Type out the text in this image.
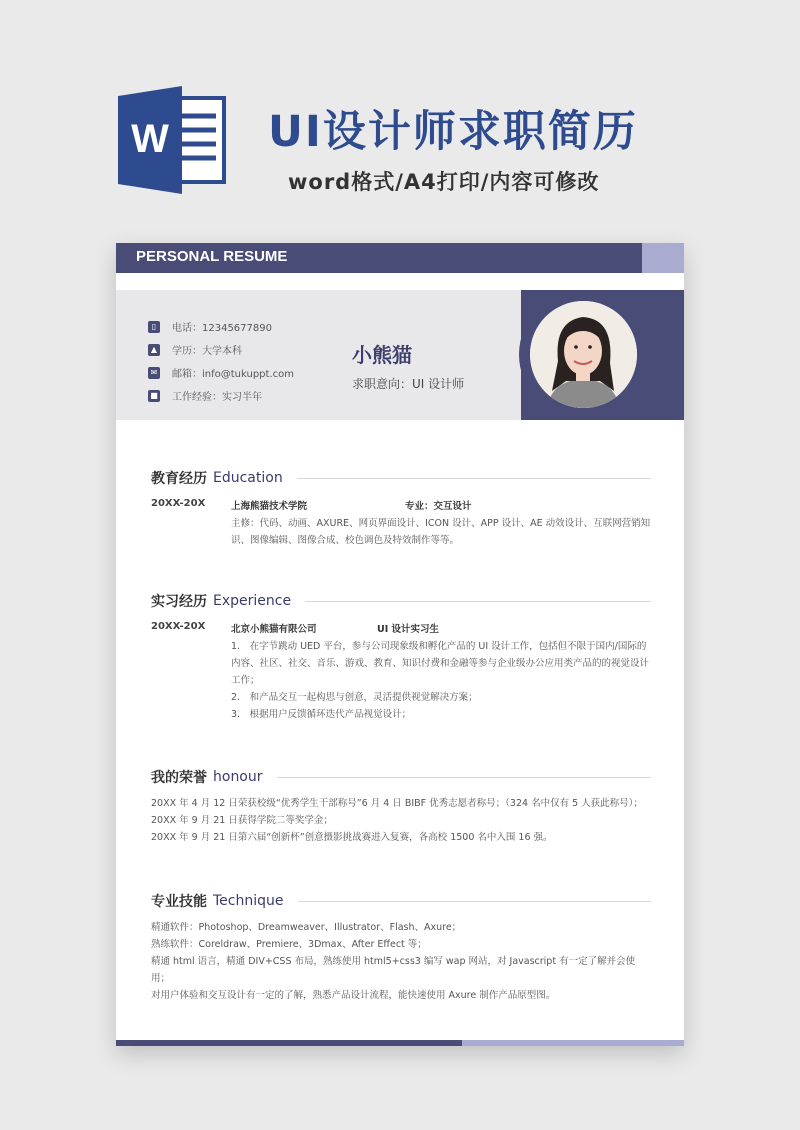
W UI设计师求职简历
word格式/A4打印/内容可修改
PERSONAL RESUME
▯	电话：12345677890
▲ 学历：大学本科
✉ 邮箱：info@tukuppt.com
■ 工作经验：实习半年
小熊猫
求职意向：UI 设计师
教育经历 Education
20XX-20X	上海熊猫技术学院	专业：交互设计
主修：代码、动画、AXURE、网页界面设计、ICON 设计、APP 设计、AE 动效设计、互联网营销知识、图像编辑、图像合成、校色调色及特效制作等等。
实习经历 Experience
20XX-20X	北京小熊猫有限公司	UI 设计实习生
1.　在字节跳动 UED 平台，参与公司现象级和孵化产品的 UI 设计工作，包括但不限于国内/国际的内容、社区、社交、音乐、游戏、教育、知识付费和金融等参与企业级办公应用类产品的的视觉设计工作；
2.　和产品交互一起构思与创意，灵活提供视觉解决方案；
3.　根据用户反馈循环迭代产品视觉设计；
我的荣誉 honour
20XX 年 4 月 12 日荣获校级“优秀学生干部称号”6 月 4 日 BIBF 优秀志愿者称号；（324 名中仅有 5 人获此称号）；
20XX 年 9 月 21 日获得学院二等奖学金；
20XX 年 9 月 21 日第六届“创新杯”创意摄影挑战赛进入复赛，各高校 1500 名中入围 16 强。
专业技能 Technique
精通软件：Photoshop、Dreamweaver、Illustrator、Flash、Axure；
熟练软件：Coreldraw、Premiere、3Dmax、After Effect 等；
精通 html 语言，精通 DIV+CSS 布局，熟练使用 html5+css3 编写 wap 网站，对 Javascript 有一定了解并会使用；
对用户体验和交互设计有一定的了解，熟悉产品设计流程，能快速使用 Axure 制作产品原型图。
